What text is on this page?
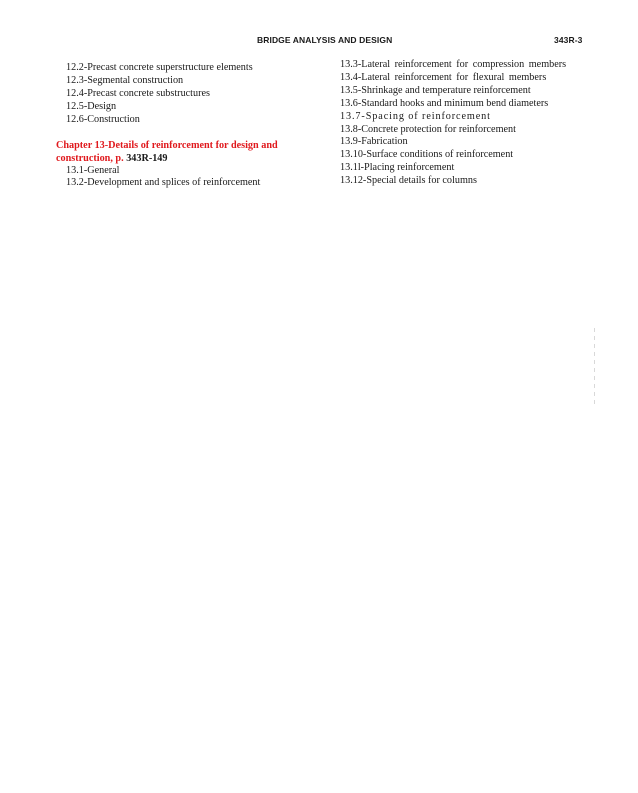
BRIDGE ANALYSIS AND DESIGN	343R-3
12.2-Precast concrete superstructure elements
12.3-Segmental construction
12.4-Precast concrete substructures
12.5-Design
12.6-Construction
Chapter 13-Details of reinforcement for design and
construction, p. 343R-149
13.1-General
13.2-Development and splices of reinforcement
13.3-Lateral reinforcement for compression members
13.4-Lateral reinforcement for flexural members
13.5-Shrinkage and temperature reinforcement
13.6-Standard hooks and minimum bend diameters
13.7-Spacing of reinforcement
13.8-Concrete protection for reinforcement
13.9-Fabrication
13.10-Surface conditions of reinforcement
13.1l-Placing reinforcement
13.12-Special details for columns
